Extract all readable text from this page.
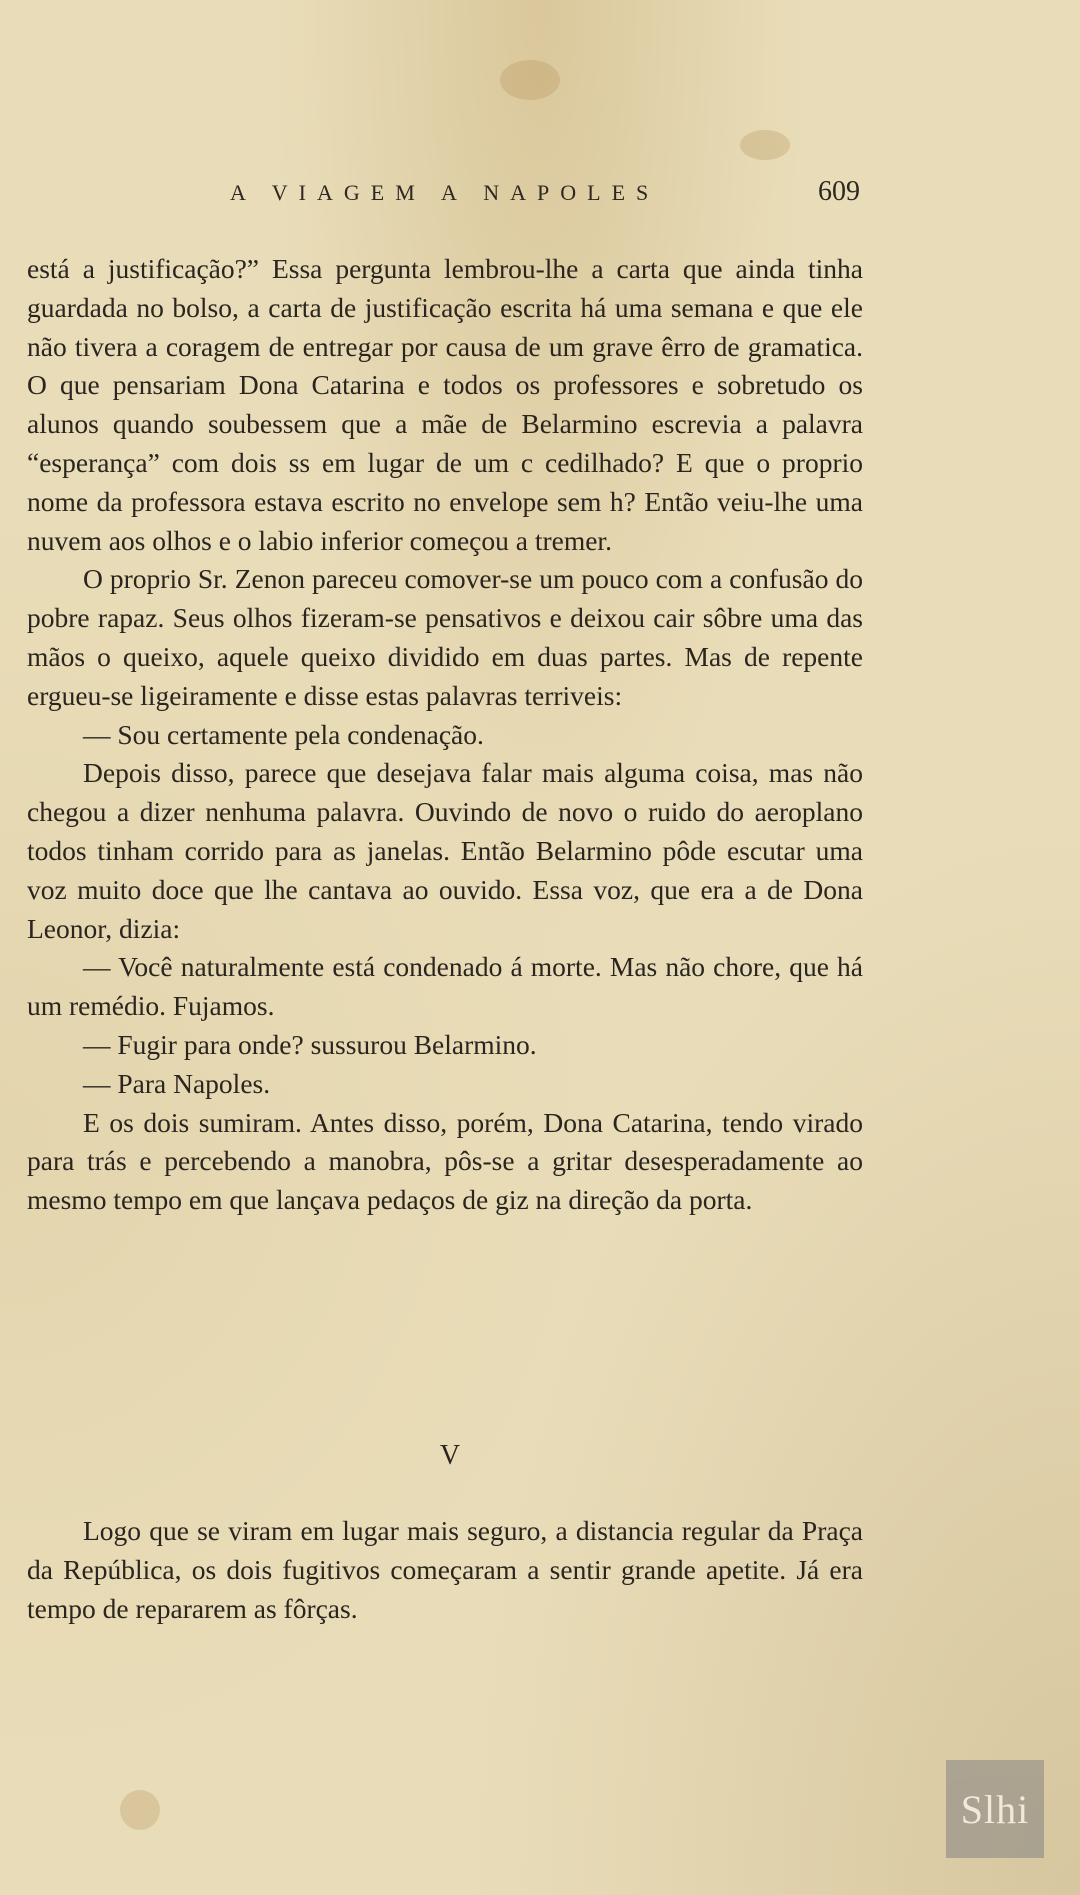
A VIAGEM A NAPOLES	609

está a justificação?” Essa pergunta lembrou-lhe a carta que ainda tinha guardada no bolso, a carta de justificação escrita há uma semana e que ele não tivera a coragem de entregar por causa de um grave êrro de gramatica. O que pensariam Dona Catarina e todos os professores e sobretudo os alunos quando soubessem que a mãe de Belarmino escrevia a palavra “esperança” com dois ss em lugar de um c cedilhado? E que o proprio nome da professora estava escrito no envelope sem h? Então veiu-lhe uma nuvem aos olhos e o labio inferior começou a tremer.

O proprio Sr. Zenon pareceu comover-se um pouco com a confusão do pobre rapaz. Seus olhos fizeram-se pensativos e deixou cair sôbre uma das mãos o queixo, aquele queixo dividido em duas partes. Mas de repente ergueu-se ligeiramente e disse estas palavras terriveis:

— Sou certamente pela condenação.

Depois disso, parece que desejava falar mais alguma coisa, mas não chegou a dizer nenhuma palavra. Ouvindo de novo o ruido do aeroplano todos tinham corrido para as janelas. Então Belarmino pôde escutar uma voz muito doce que lhe cantava ao ouvido. Essa voz, que era a de Dona Leonor, dizia:

— Você naturalmente está condenado á morte. Mas não chore, que há um remédio. Fujamos.

— Fugir para onde? sussurou Belarmino.

— Para Napoles.

E os dois sumiram. Antes disso, porém, Dona Catarina, tendo virado para trás e percebendo a manobra, pôs-se a gritar desesperadamente ao mesmo tempo em que lançava pedaços de giz na direção da porta.

V

Logo que se viram em lugar mais seguro, a distancia regular da Praça da República, os dois fugitivos começaram a sentir grande apetite. Já era tempo de repararem as fôrças.

Slhi
